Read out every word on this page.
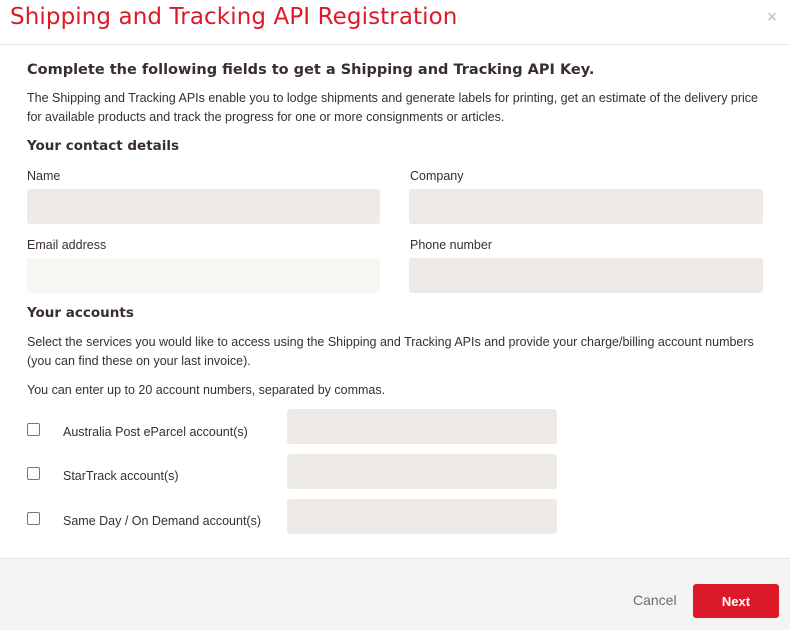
Shipping and Tracking API Registration	×
Complete the following fields to get a Shipping and Tracking API Key.

The Shipping and Tracking APIs enable you to lodge shipments and generate labels for printing, get an estimate of the delivery price for available products and track the progress for one or more consignments or articles.

Your contact details
Name	Company
Email address	Phone number
Your accounts

Select the services you would like to access using the Shipping and Tracking APIs and provide your charge/billing account numbers (you can find these on your last invoice).

You can enter up to 20 account numbers, separated by commas.

Australia Post eParcel account(s)
StarTrack account(s)
Same Day / On Demand account(s)
Cancel	Next
